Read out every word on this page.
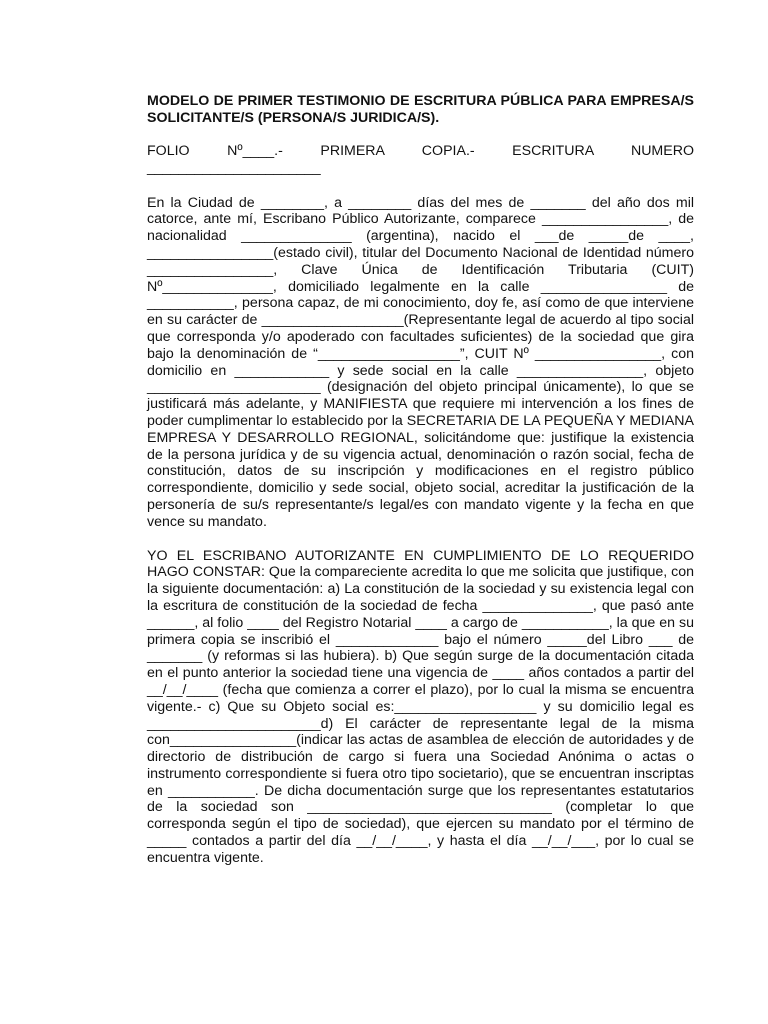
MODELO DE PRIMER TESTIMONIO DE ESCRITURA PÚBLICA PARA EMPRESA/S SOLICITANTE/S (PERSONA/S JURIDICA/S).
FOLIO Nº____.- PRIMERA COPIA.- ESCRITURA NUMERO
______________________

En la Ciudad de ________, a ________ días del mes de _______ del año dos mil catorce, ante mí, Escribano Público Autorizante, comparece ________________, de nacionalidad ______________ (argentina), nacido el ___de _____de ____, ________________(estado civil), titular del Documento Nacional de Identidad número ________________, Clave Única de Identificación Tributaria (CUIT) Nº______________, domiciliado legalmente en la calle ________________ de ___________, persona capaz, de mi conocimiento, doy fe, así como de que interviene en su carácter de __________________(Representante legal de acuerdo al tipo social que corresponda y/o apoderado con facultades suficientes) de la sociedad que gira bajo la denominación de “__________________”, CUIT Nº ________________, con domicilio en ____________ y sede social en la calle ________________, objeto ______________________ (designación del objeto principal únicamente), lo que se justificará más adelante, y MANIFIESTA que requiere mi intervención a los fines de poder cumplimentar lo establecido por la SECRETARIA DE LA PEQUEÑA Y MEDIANA EMPRESA Y DESARROLLO REGIONAL, solicitándome que: justifique la existencia de la persona jurídica y de su vigencia actual, denominación o razón social, fecha de constitución, datos de su inscripción y modificaciones en el registro público correspondiente, domicilio y sede social, objeto social, acreditar la justificación de la personería de su/s representante/s legal/es con mandato vigente y la fecha en que vence su mandato.

YO EL ESCRIBANO AUTORIZANTE EN CUMPLIMIENTO DE LO REQUERIDO HAGO CONSTAR: Que la compareciente acredita lo que me solicita que justifique, con la siguiente documentación: a) La constitución de la sociedad y su existencia legal con la escritura de constitución de la sociedad de fecha ______________, que pasó ante ______, al folio ____ del Registro Notarial ____ a cargo de ___________, la que en su primera copia se inscribió el _____________ bajo el número _____del Libro ___ de _______ (y reformas si las hubiera). b) Que según surge de la documentación citada en el punto anterior la sociedad tiene una vigencia de ____ años contados a partir del __/__/____ (fecha que comienza a correr el plazo), por lo cual la misma se encuentra vigente.- c) Que su Objeto social es:__________________ y su domicilio legal es ______________________d) El carácter de representante legal de la misma con________________(indicar las actas de asamblea de elección de autoridades y de directorio de distribución de cargo si fuera una Sociedad Anónima o actas o instrumento correspondiente si fuera otro tipo societario), que se encuentran inscriptas en ___________. De dicha documentación surge que los representantes estatutarios de la sociedad son _______________________________ (completar lo que corresponda según el tipo de sociedad), que ejercen su mandato por el término de _____ contados a partir del día __/__/____, y hasta el día __/__/___, por lo cual se encuentra vigente.
